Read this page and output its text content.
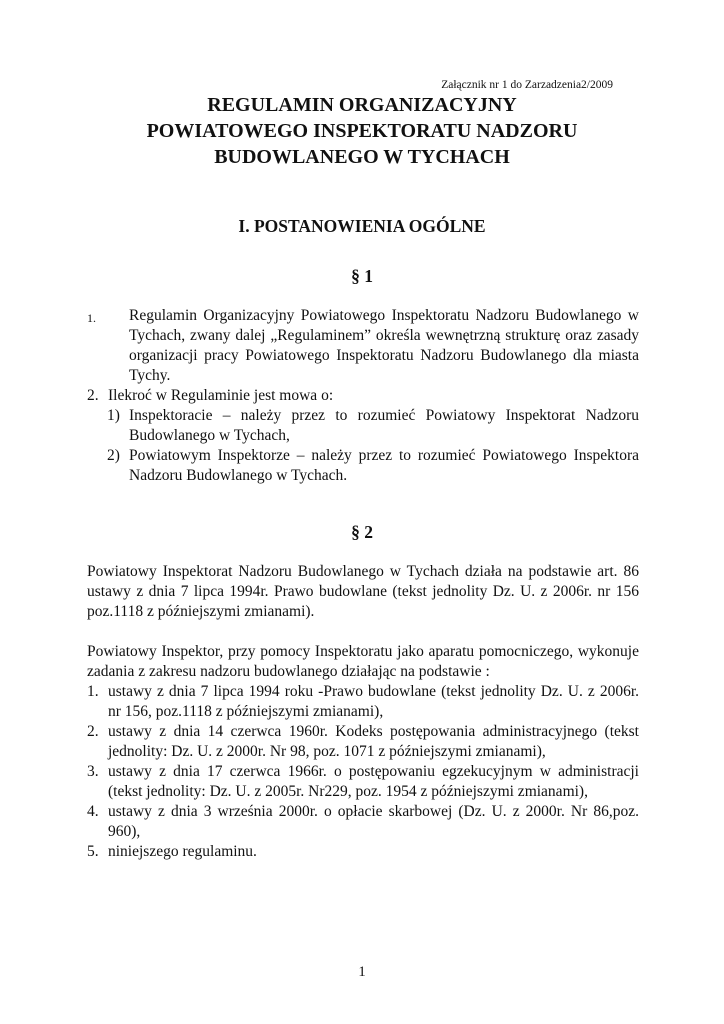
Załącznik nr 1 do Zarzadzenia2/2009
REGULAMIN ORGANIZACYJNY
POWIATOWEGO INSPEKTORATU NADZORU
BUDOWLANEGO W TYCHACH
I. POSTANOWIENIA OGÓLNE
§ 1
1. Regulamin Organizacyjny Powiatowego Inspektoratu Nadzoru Budowlanego w Tychach, zwany dalej „Regulaminem” określa wewnętrzną strukturę oraz zasady organizacji pracy Powiatowego Inspektoratu Nadzoru Budowlanego dla miasta Tychy.
2. Ilekroć w Regulaminie jest mowa o:
1) Inspektoracie – należy przez to rozumieć Powiatowy Inspektorat Nadzoru Budowlanego w Tychach,
2) Powiatowym Inspektorze – należy przez to rozumieć Powiatowego Inspektora Nadzoru Budowlanego w Tychach.
§ 2
Powiatowy Inspektorat Nadzoru Budowlanego w Tychach działa na podstawie art. 86 ustawy z dnia 7 lipca 1994r. Prawo budowlane (tekst jednolity Dz. U. z 2006r. nr 156 poz.1118 z późniejszymi zmianami).
Powiatowy Inspektor, przy pomocy Inspektoratu jako aparatu pomocniczego, wykonuje zadania z zakresu nadzoru budowlanego działając na podstawie :
1. ustawy z dnia 7 lipca 1994 roku -Prawo budowlane (tekst jednolity Dz. U. z 2006r. nr 156, poz.1118 z późniejszymi zmianami),
2. ustawy z dnia 14 czerwca 1960r. Kodeks postępowania administracyjnego (tekst jednolity: Dz. U. z 2000r. Nr 98, poz. 1071 z późniejszymi zmianami),
3. ustawy z dnia 17 czerwca 1966r. o postępowaniu egzekucyjnym w administracji (tekst jednolity: Dz. U. z 2005r. Nr229, poz. 1954 z późniejszymi zmianami),
4. ustawy z dnia 3 września 2000r. o opłacie skarbowej (Dz. U. z 2000r. Nr 86,poz. 960),
5. niniejszego regulaminu.
1
